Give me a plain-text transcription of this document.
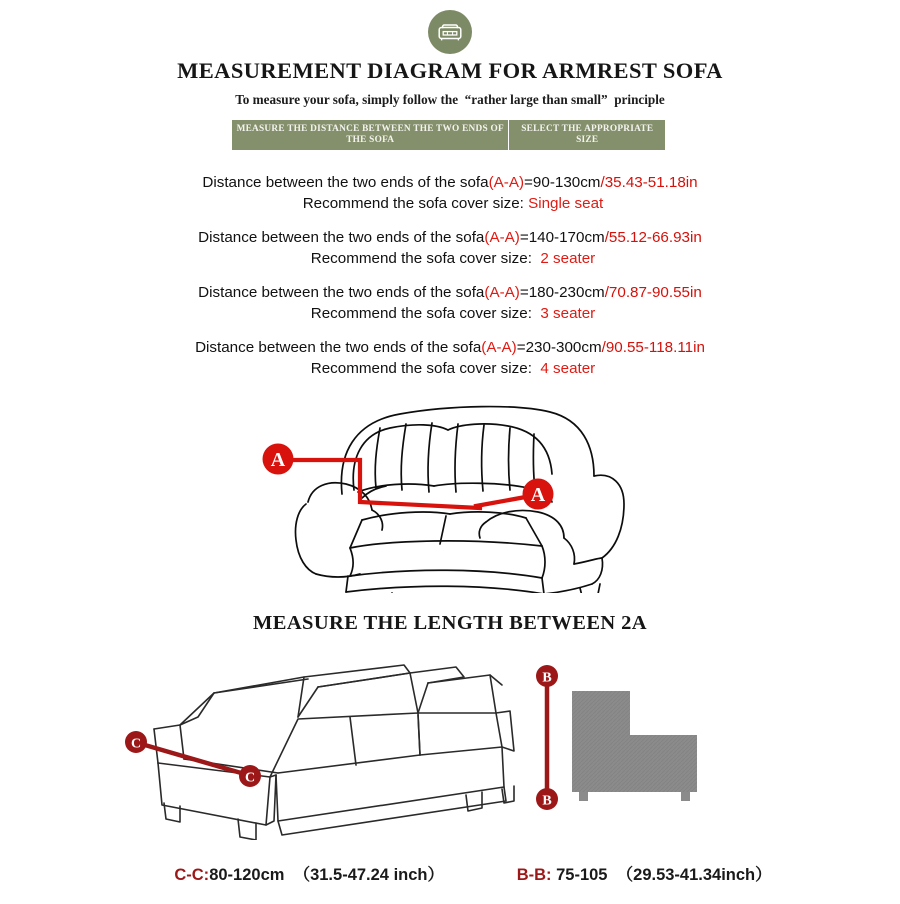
MEASUREMENT DIAGRAM FOR ARMREST SOFA
To measure your sofa, simply follow the  “rather large than small”  principle
MEASURE THE DISTANCE BETWEEN THE TWO ENDS OF THE SOFA
SELECT THE APPROPRIATE SIZE
Distance between the two ends of the sofa(A-A)=90-130cm/35.43-51.18in
Recommend the sofa cover size: Single seat
Distance between the two ends of the sofa(A-A)=140-170cm/55.12-66.93in
Recommend the sofa cover size:  2 seater
Distance between the two ends of the sofa(A-A)=180-230cm/70.87-90.55in
Recommend the sofa cover size:  3 seater
Distance between the two ends of the sofa(A-A)=230-300cm/90.55-118.11in
Recommend the sofa cover size:  4 seater
A
A
MEASURE THE LENGTH BETWEEN 2A
C
C
B
B

C-C:80-120cm  （31.5-47.24 inch）
	B-B: 75-105  （29.53-41.34inch）
